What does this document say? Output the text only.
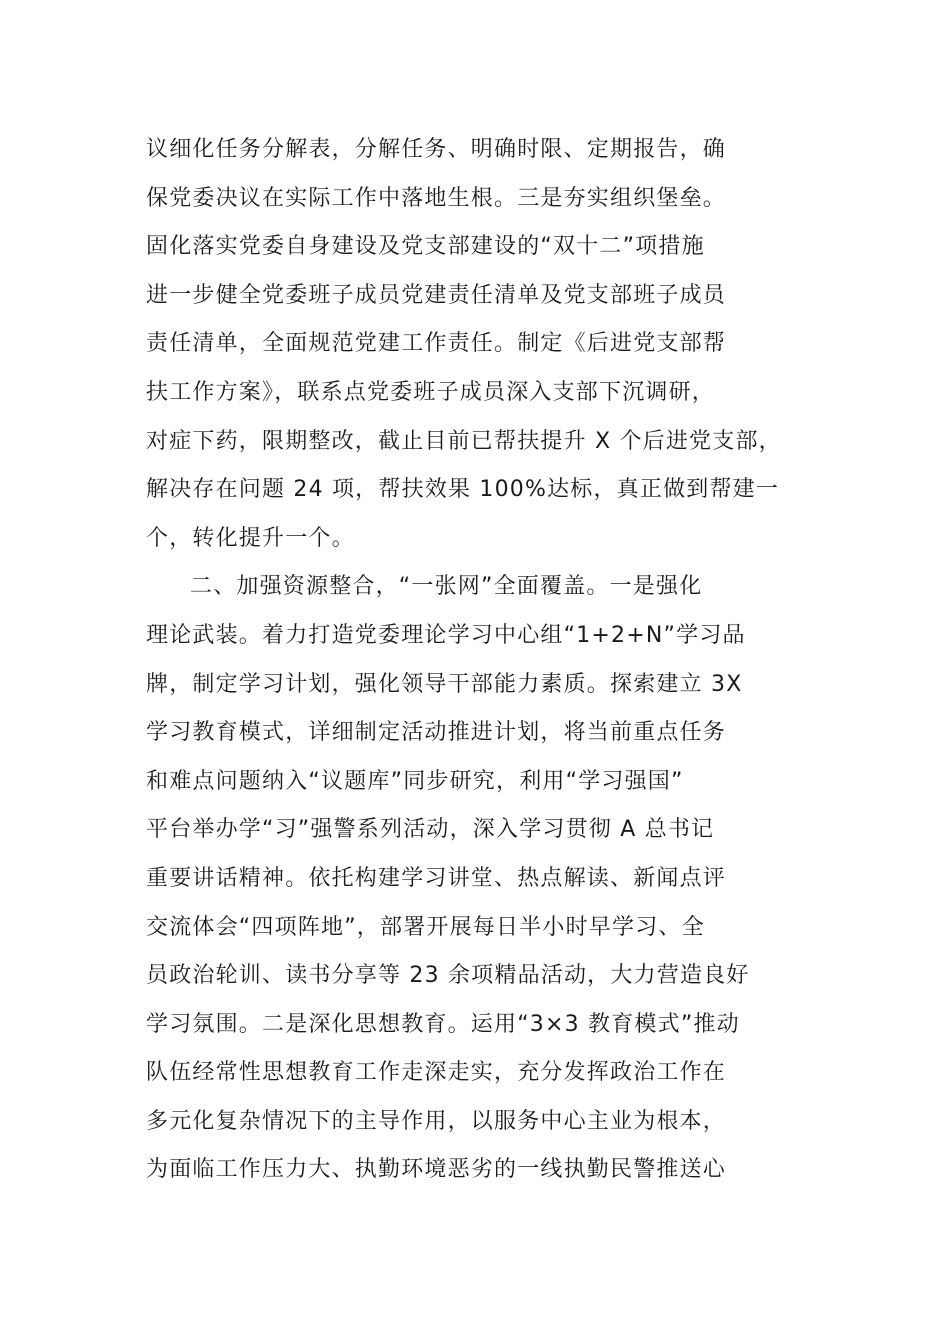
议细化任务分解表，分解任务、明确时限、定期报告，确
保党委决议在实际工作中落地生根。三是夯实组织堡垒。
固化落实党委自身建设及党支部建设的“双十二”项措施
进一步健全党委班子成员党建责任清单及党支部班子成员
责任清单，全面规范党建工作责任。制定《后进党支部帮
扶工作方案》，联系点党委班子成员深入支部下沉调研，
对症下药，限期整改，截止目前已帮扶提升 X 个后进党支部，
解决存在问题 24 项，帮扶效果 100%达标，真正做到帮建一
个，转化提升一个。
二、加强资源整合，“一张网”全面覆盖。一是强化
理论武装。着力打造党委理论学习中心组“1+2+N”学习品
牌，制定学习计划，强化领导干部能力素质。探索建立 3X
学习教育模式，详细制定活动推进计划，将当前重点任务
和难点问题纳入“议题库”同步研究，利用“学习强国”
平台举办学“习”强警系列活动，深入学习贯彻 A 总书记
重要讲话精神。依托构建学习讲堂、热点解读、新闻点评
交流体会“四项阵地”，部署开展每日半小时早学习、全
员政治轮训、读书分享等 23 余项精品活动，大力营造良好
学习氛围。二是深化思想教育。运用“3×3 教育模式”推动
队伍经常性思想教育工作走深走实，充分发挥政治工作在
多元化复杂情况下的主导作用，以服务中心主业为根本，
为面临工作压力大、执勤环境恶劣的一线执勤民警推送心
